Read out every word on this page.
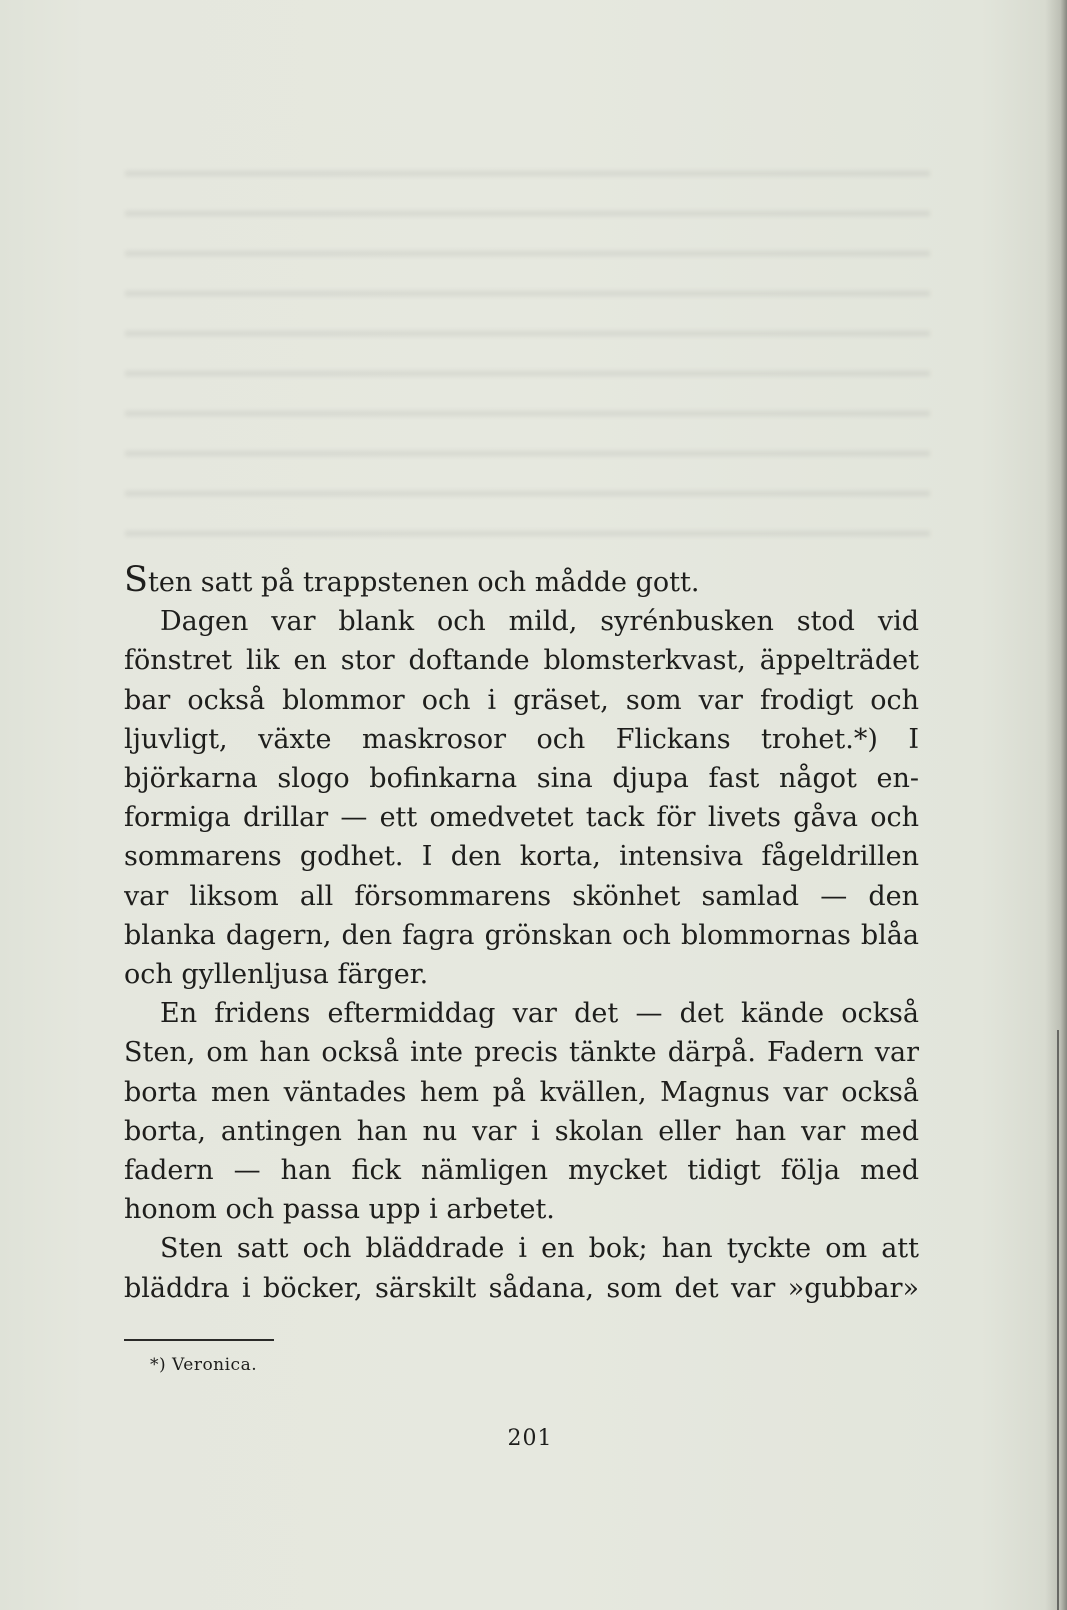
Sten satt på trappstenen och mådde gott.
Dagen var blank och mild, syrénbusken stod vid
fönstret lik en stor doftande blomsterkvast, äppelträdet
bar också blommor och i gräset, som var frodigt och
ljuvligt, växte maskrosor och Flickans trohet.*) I
björkarna slogo bofinkarna sina djupa fast något en-
formiga drillar — ett omedvetet tack för livets gåva och
sommarens godhet. I den korta, intensiva fågeldrillen
var liksom all försommarens skönhet samlad — den
blanka dagern, den fagra grönskan och blommornas blåa
och gyllenljusa färger.
En fridens eftermiddag var det — det kände också
Sten, om han också inte precis tänkte därpå. Fadern var
borta men väntades hem på kvällen, Magnus var också
borta, antingen han nu var i skolan eller han var med
fadern — han fick nämligen mycket tidigt följa med
honom och passa upp i arbetet.
Sten satt och bläddrade i en bok; han tyckte om att
bläddra i böcker, särskilt sådana, som det var »gubbar»
*) Veronica.
201
